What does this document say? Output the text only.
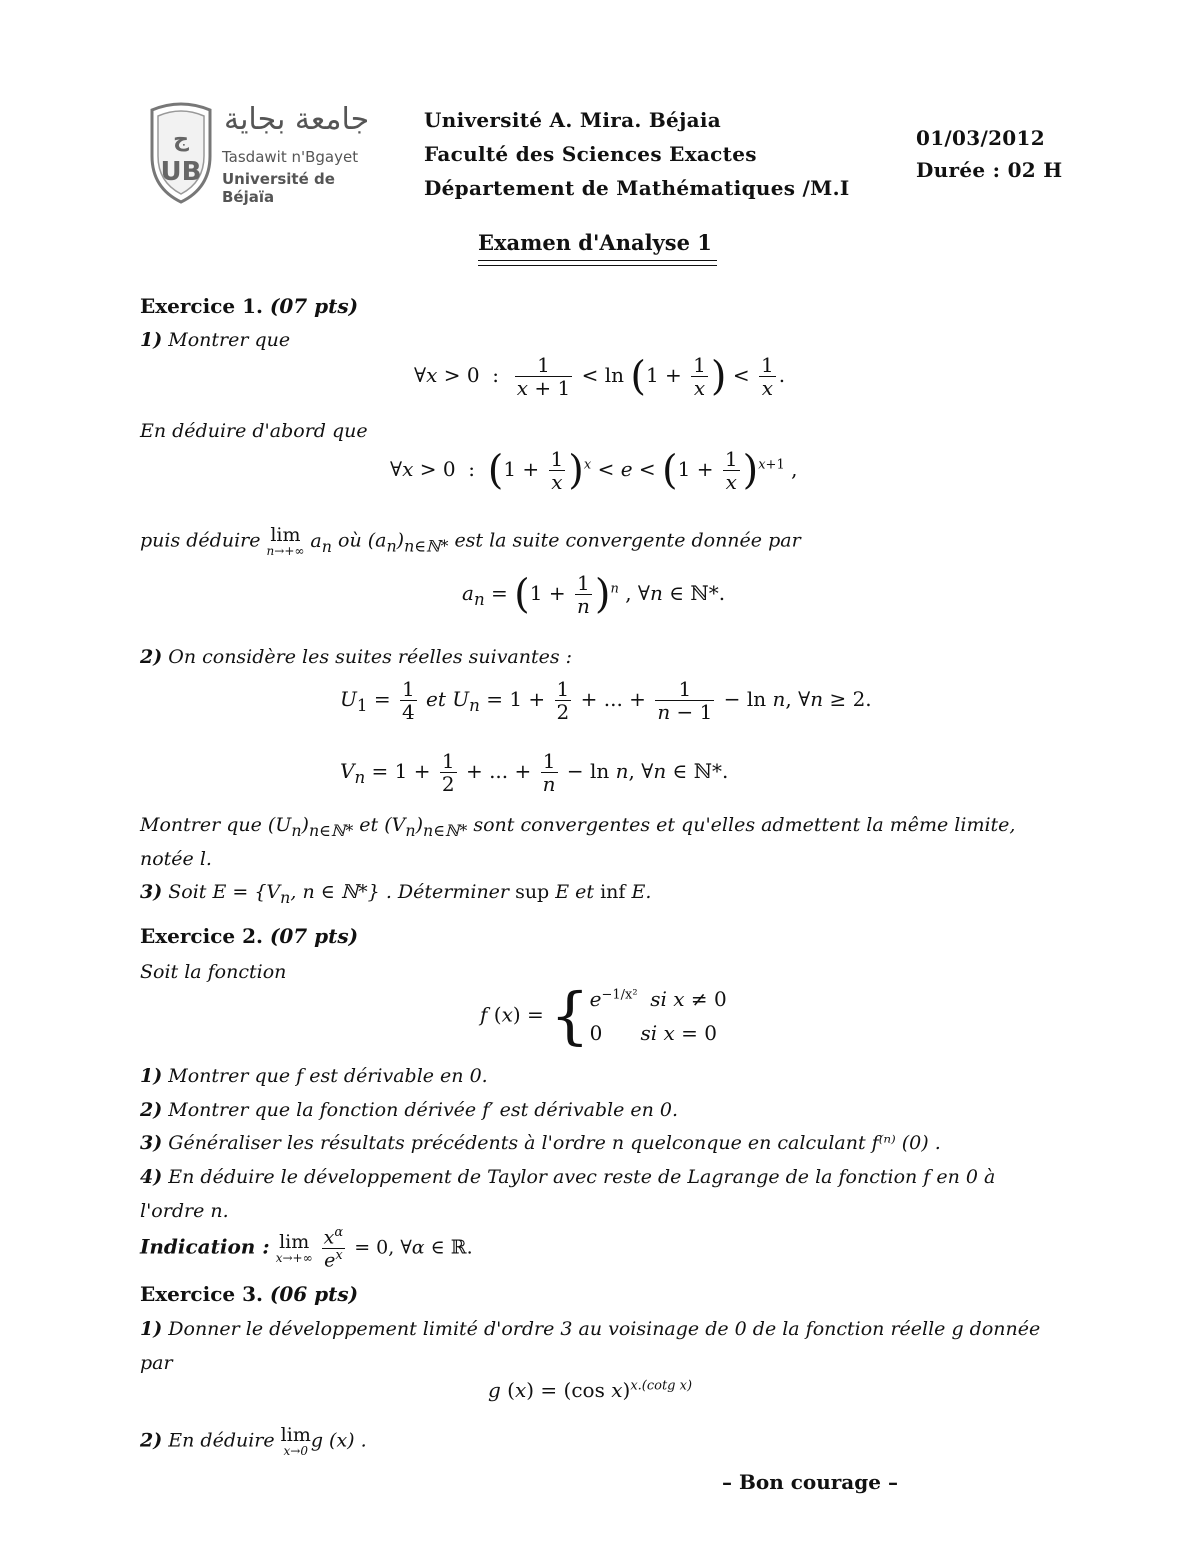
ﺝ
UB
جامعة بجاية
Tasdawit n'Bgayet
Université de Béjaïa
Université A. Mira. Béjaia
Faculté des Sciences Exactes
Département de Mathématiques /M.I
01/03/2012
Durée : 02 H
Examen d'Analyse 1
Exercice 1. (07 pts)
1) Montrer que
∀x > 0  : $\frac{1}{x + 1} < \ln (1 + \frac{1}{x}$ ) < $\frac{1}{x}$ .
En déduire d'abord que
∀x > 0  :  $(1 + \frac{1}{x} )^x < e < (1 + \frac{1}{x} )^{x+1}$ ,
puis déduire lim
n→+∞ $a_n$ où $(a_n)_{n\in ℕ*}$ est la suite convergente donnée par
$a_n = (1 + \frac{1}{n} )^n$ , ∀n ∈ ℕ*.
2) On considère les suites réelles suivantes :
$U_1 = \frac{1}{4}$ et $U_n = 1 + \frac{1}{2}$ + ... + $\frac{1}{n - 1} - \ln n$, ∀n ≥ 2.
$V_n = 1 + \frac{1}{2}$ + ... + $\frac{1}{n} - \ln n$, ∀n ∈ ℕ*.
Montrer que $(U_n)_{n\in ℕ*}$ et $(V_n)_{n\in ℕ*}$ sont convergentes et qu'elles admettent la même limite,
notée l.
3) Soit $E = \{V_n$, n ∈ ℕ*} . Déterminer sup E et inf E.
Exercice 2. (07 pts)
Soit la fonction
f (x) = { $e^{-1/x^2}$ si x ≠ 0
0      si x = 0
1) Montrer que f est dérivable en 0.
2) Montrer que la fonction dérivée f′ est dérivable en 0.
3) Généraliser les résultats précédents à l'ordre n quelconque en calculant f⁽ⁿ⁾ (0) .
4) En déduire le développement de Taylor avec reste de Lagrange de la fonction f en 0 à
l'ordre n.
Indication : lim
x→+∞
$\frac{x^\alpha}{e^x} = 0$, ∀α ∈ ℝ.
Exercice 3. (06 pts)
1) Donner le développement limité d'ordre 3 au voisinage de 0 de la fonction réelle g donnée
par
g (x) = (cos x)$^{x.(cotg x)}$
2) En déduire lim
x→0 g (x) .
– Bon courage –
